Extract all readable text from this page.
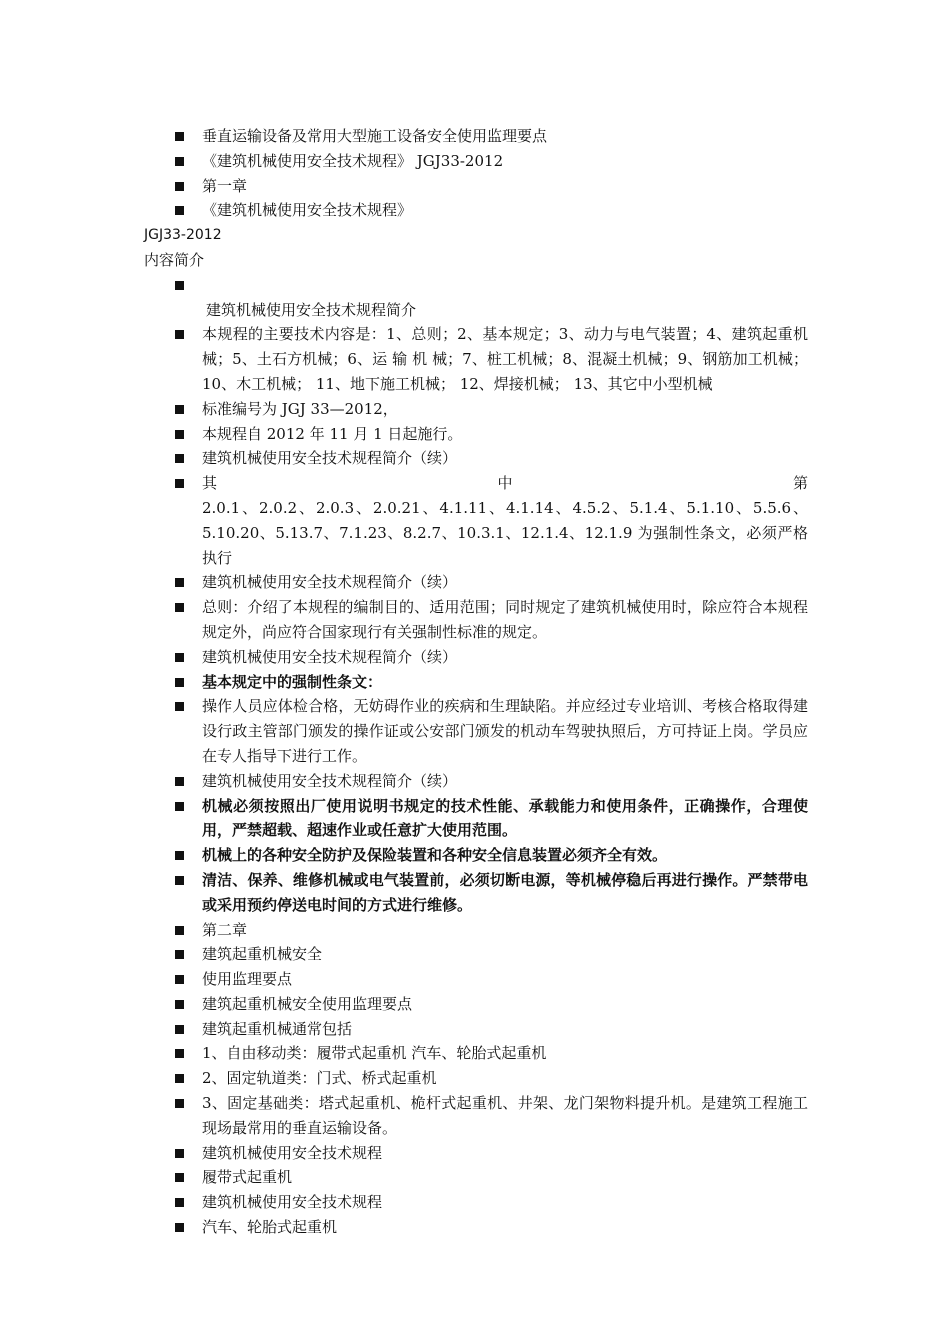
垂直运输设备及常用大型施工设备安全使用监理要点
《建筑机械使用安全技术规程》 JGJ33-2012
第一章
《建筑机械使用安全技术规程》
JGJ33-2012
内容简介

建筑机械使用安全技术规程简介
本规程的主要技术内容是：1、总则；2、基本规定；3、动力与电气装置；4、建筑起重机械；5、土石方机械；6、运 输 机 械；7、桩工机械；8、混凝土机械；9、钢筋加工机械；10、木工机械； 11、地下施工机械； 12、焊接机械； 13、其它中小型机械
标准编号为 JGJ 33—2012，
本规程自 2012 年 11 月 1 日起施行。
建筑机械使用安全技术规程简介（续）
其 中 第
2.0.1、2.0.2、2.0.3、2.0.21、4.1.11、4.1.14、4.5.2、5.1.4、5.1.10、5.5.6、5.10.20、5.13.7、7.1.23、8.2.7、10.3.1、12.1.4、12.1.9 为强制性条文，必须严格执行
建筑机械使用安全技术规程简介（续）
总则：介绍了本规程的编制目的、适用范围；同时规定了建筑机械使用时，除应符合本规程规定外，尚应符合国家现行有关强制性标准的规定。
建筑机械使用安全技术规程简介（续）
基本规定中的强制性条文：
操作人员应体检合格，无妨碍作业的疾病和生理缺陷。并应经过专业培训、考核合格取得建设行政主管部门颁发的操作证或公安部门颁发的机动车驾驶执照后，方可持证上岗。学员应在专人指导下进行工作。
建筑机械使用安全技术规程简介（续）
机械必须按照出厂使用说明书规定的技术性能、承载能力和使用条件，正确操作，合理使用，严禁超载、超速作业或任意扩大使用范围。
机械上的各种安全防护及保险装置和各种安全信息装置必须齐全有效。
清洁、保养、维修机械或电气装置前，必须切断电源，等机械停稳后再进行操作。严禁带电或采用预约停送电时间的方式进行维修。
第二章
建筑起重机械安全
使用监理要点
建筑起重机械安全使用监理要点
建筑起重机械通常包括
1、自由移动类：履带式起重机 汽车、轮胎式起重机
2、固定轨道类：门式、桥式起重机
3、固定基础类：塔式起重机、桅杆式起重机、井架、龙门架物料提升机。是建筑工程施工现场最常用的垂直运输设备。
建筑机械使用安全技术规程
履带式起重机
建筑机械使用安全技术规程
汽车、轮胎式起重机
